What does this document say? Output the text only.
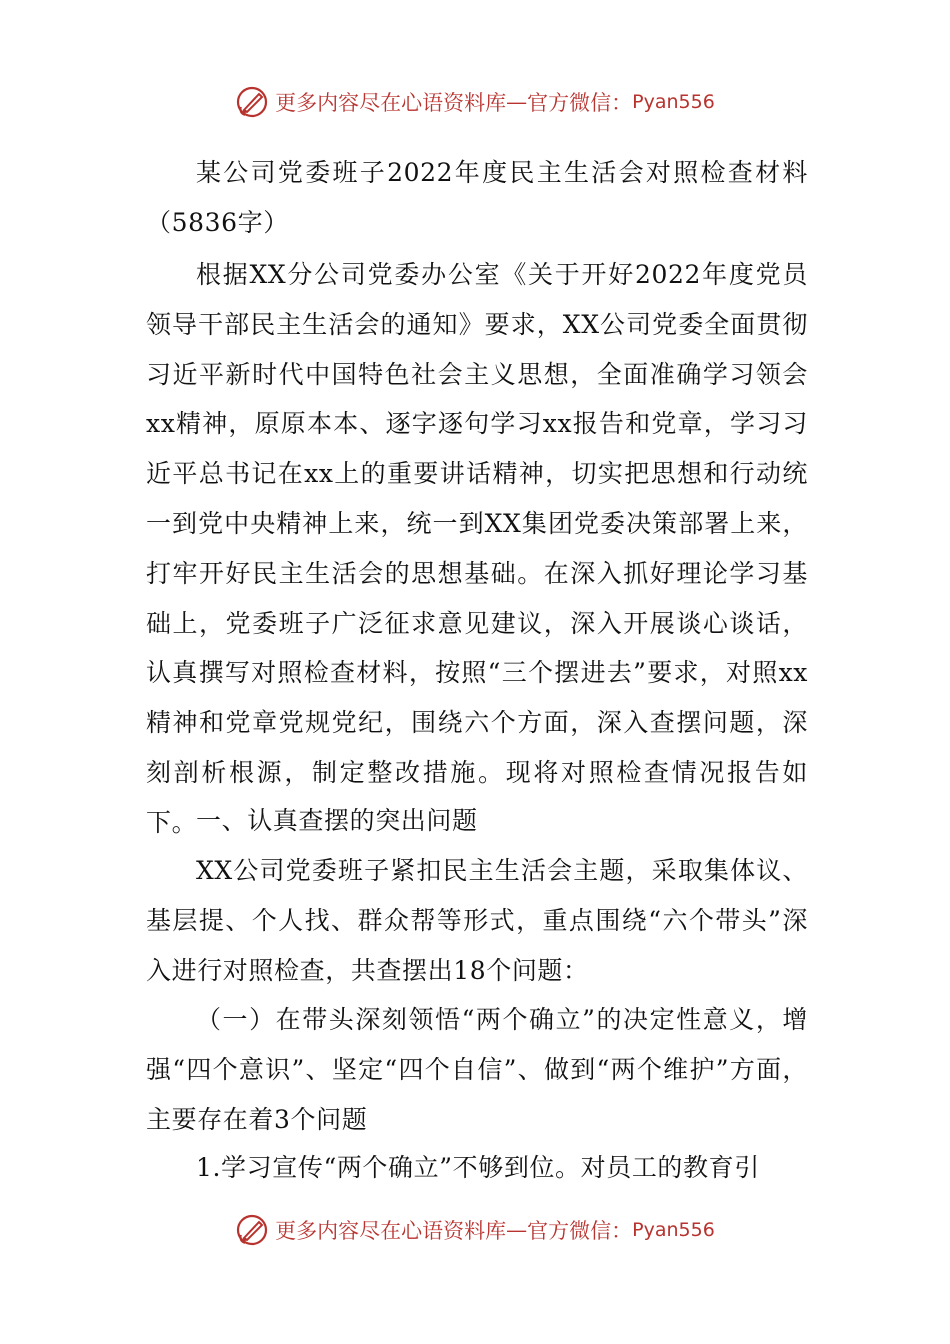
更多内容尽在心语资料库 — 官方微信： Pyan556

某公司党委班子2022年度民主生活会对照检查材料（5836字）

根据XX分公司党委办公室《关于开好2022年度党员领导干部民主生活会的通知》要求，XX公司党委全面贯彻习近平新时代中国特色社会主义思想，全面准确学习领会xx精神，原原本本、逐字逐句学习xx报告和党章，学习习近平总书记在xx上的重要讲话精神，切实把思想和行动统一到党中央精神上来，统一到XX集团党委决策部署上来，打牢开好民主生活会的思想基础。在深入抓好理论学习基础上，党委班子广泛征求意见建议，深入开展谈心谈话，认真撰写对照检查材料，按照“三个摆进去”要求，对照xx精神和党章党规党纪，围绕六个方面，深入查摆问题，深刻剖析根源，制定整改措施。现将对照检查情况报告如下。

一、认真查摆的突出问题

XX公司党委班子紧扣民主生活会主题，采取集体议、基层提、个人找、群众帮等形式，重点围绕“六个带头”深入进行对照检查，共查摆出18个问题：

（一）在带头深刻领悟“两个确立”的决定性意义，增强“四个意识”、坚定“四个自信”、做到“两个维护”方面，主要存在着3个问题

1.学习宣传“两个确立”不够到位。对员工的教育引

更多内容尽在心语资料库 — 官方微信： Pyan556
